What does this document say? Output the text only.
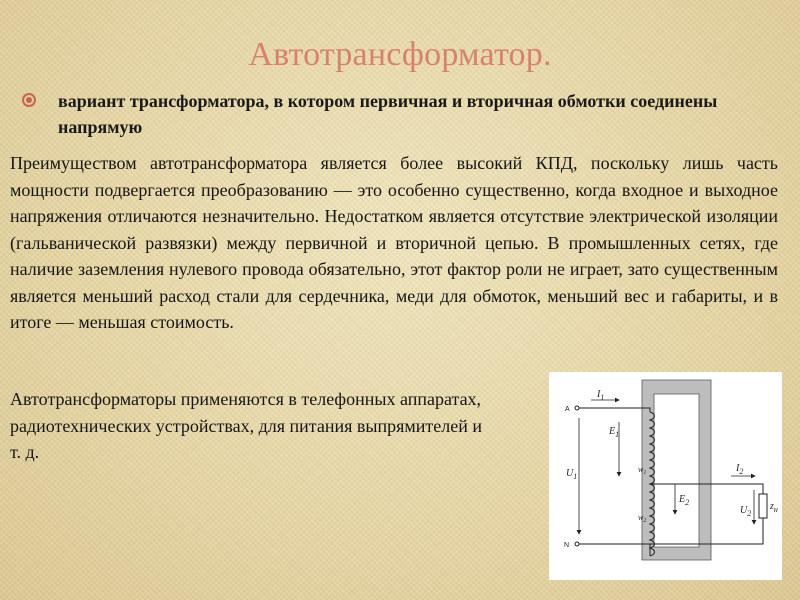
Автотрансформатор.
вариант трансформатора, в котором первичная и вторичная обмотки соединены напрямую
Преимуществом автотрансформатора является более высокий КПД, поскольку лишь часть мощности подвергается преобразованию — это особенно существенно, когда входное и выходное напряжения отличаются незначительно. Недостатком является отсутствие электрической изоляции (гальванической развязки) между первичной и вторичной цепью. В промышленных сетях, где наличие заземления нулевого провода обязательно, этот фактор роли не играет, зато существенным является меньший расход стали для сердечника, меди для обмоток, меньший вес и габариты, и в итоге — меньшая стоимость.
Автотрансформаторы применяются в телефонных аппаратах, радиотехнических устройствах, для питания выпрямителей и т. д.
A
N
$I_1$
$E_1$
$U_1$
$w_1$
$w_2$
$E_2$
$I_2$
$U_2$
$z_н$
